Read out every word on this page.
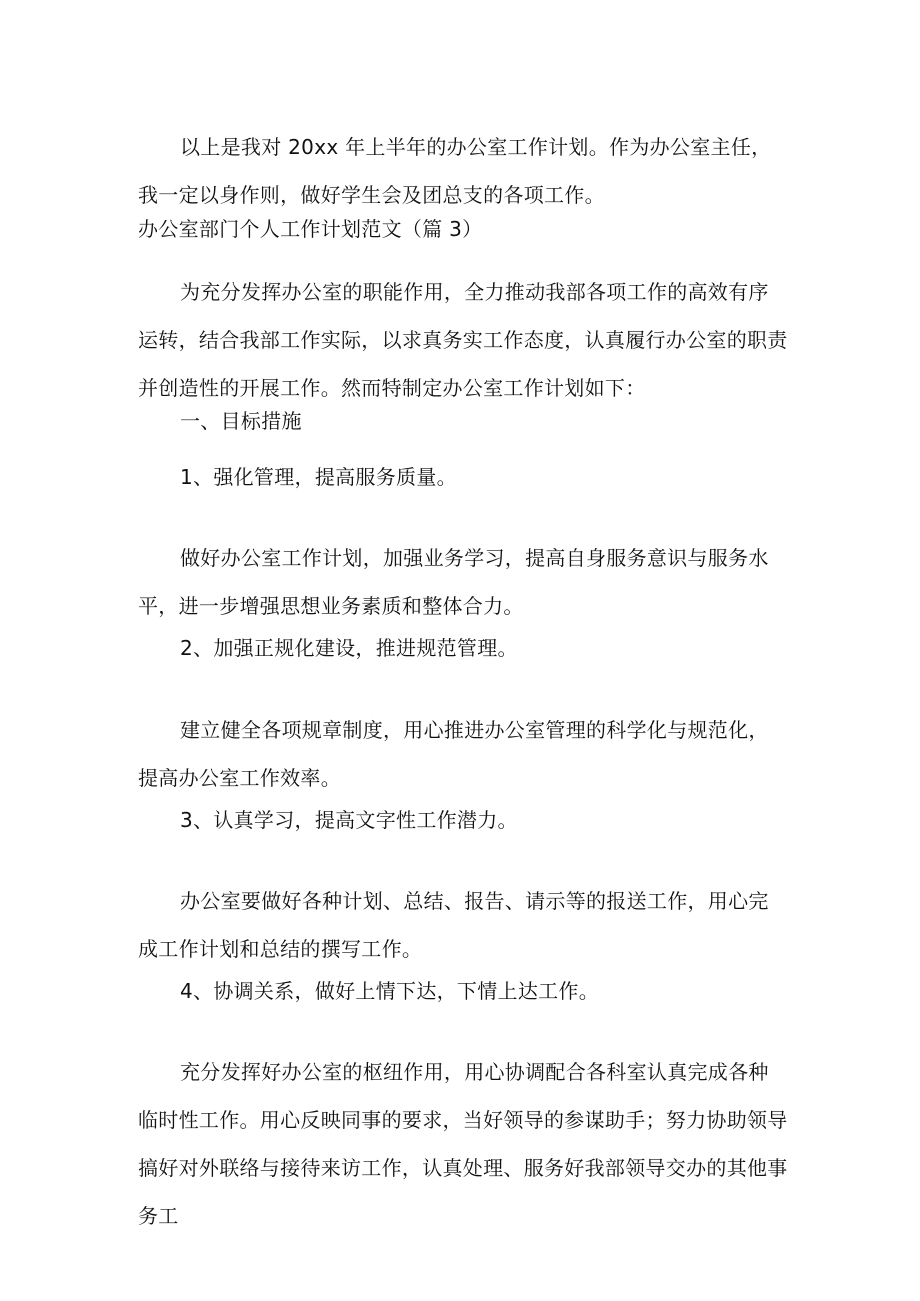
以上是我对 20xx 年上半年的办公室工作计划。作为办公室主任，我一定以身作则，做好学生会及团总支的各项工作。

办公室部门个人工作计划范文（篇 3）

为充分发挥办公室的职能作用，全力推动我部各项工作的高效有序运转，结合我部工作实际，以求真务实工作态度，认真履行办公室的职责并创造性的开展工作。然而特制定办公室工作计划如下：

一、目标措施

1、强化管理，提高服务质量。

做好办公室工作计划，加强业务学习，提高自身服务意识与服务水平，进一步增强思想业务素质和整体合力。

2、加强正规化建设，推进规范管理。

建立健全各项规章制度，用心推进办公室管理的科学化与规范化，提高办公室工作效率。

3、认真学习，提高文字性工作潜力。

办公室要做好各种计划、总结、报告、请示等的报送工作，用心完成工作计划和总结的撰写工作。

4、协调关系，做好上情下达，下情上达工作。

充分发挥好办公室的枢纽作用，用心协调配合各科室认真完成各种临时性工作。用心反映同事的要求，当好领导的参谋助手；努力协助领导搞好对外联络与接待来访工作，认真处理、服务好我部领导交办的其他事务工
